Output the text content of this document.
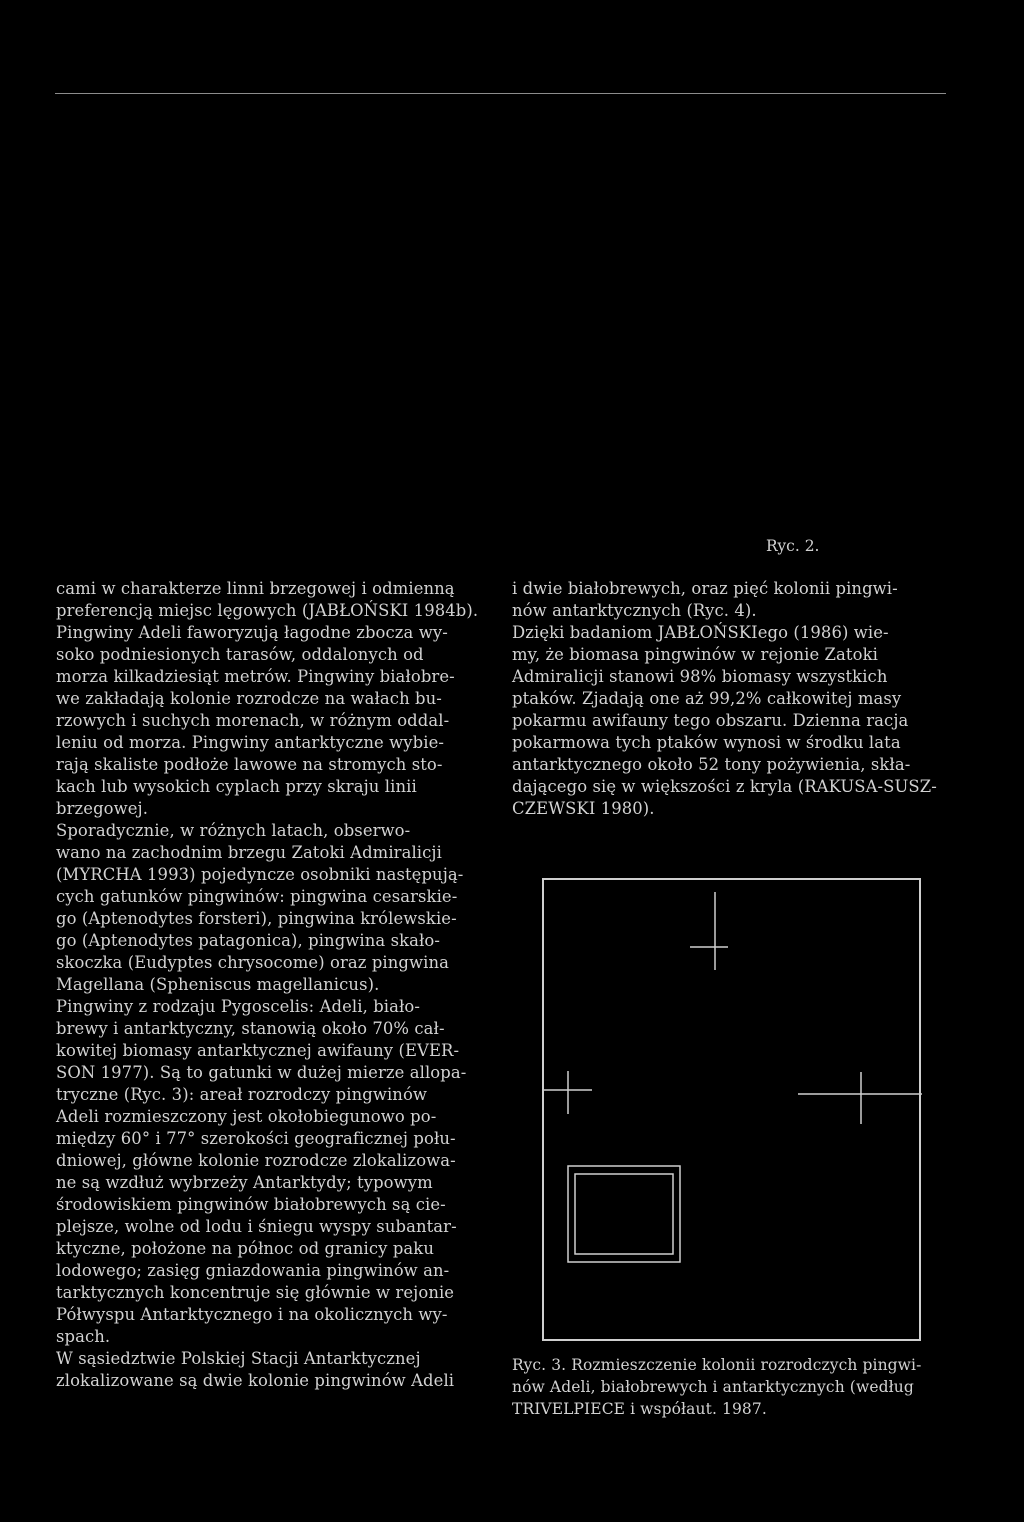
Ryc. 2.
cami w charakterze linni brzegowej i odmienną
preferencją miejsc lęgowych (JABŁOŃSKI 1984b).
Pingwiny Adeli faworyzują łagodne zbocza wy-
soko podniesionych tarasów, oddalonych od
morza kilkadziesiąt metrów. Pingwiny białobre-
we zakładają kolonie rozrodcze na wałach bu-
rzowych i suchych morenach, w różnym oddal-
leniu od morza. Pingwiny antarktyczne wybie-
rają skaliste podłoże lawowe na stromych sto-
kach lub wysokich cyplach przy skraju linii
brzegowej.
Sporadycznie, w różnych latach, obserwo-
wano na zachodnim brzegu Zatoki Admiralicji
(MYRCHA 1993) pojedyncze osobniki następują-
cych gatunków pingwinów: pingwina cesarskie-
go (Aptenodytes forsteri), pingwina królewskie-
go (Aptenodytes patagonica), pingwina skało-
skoczka (Eudyptes chrysocome) oraz pingwina
Magellana (Spheniscus magellanicus).
Pingwiny z rodzaju Pygoscelis: Adeli, biało-
brewy i antarktyczny, stanowią około 70% cał-
kowitej biomasy antarktycznej awifauny (EVER-
SON 1977). Są to gatunki w dużej mierze allopa-
tryczne (Ryc. 3): areał rozrodczy pingwinów
Adeli rozmieszczony jest okołobiegunowo po-
między 60° i 77° szerokości geograficznej połu-
dniowej, główne kolonie rozrodcze zlokalizowa-
ne są wzdłuż wybrzeży Antarktydy; typowym
środowiskiem pingwinów białobrewych są cie-
plejsze, wolne od lodu i śniegu wyspy subantar-
ktyczne, położone na północ od granicy paku
lodowego; zasięg gniazdowania pingwinów an-
tarktycznych koncentruje się głównie w rejonie
Półwyspu Antarktycznego i na okolicznych wy-
spach.
W sąsiedztwie Polskiej Stacji Antarktycznej
zlokalizowane są dwie kolonie pingwinów Adeli
i dwie białobrewych, oraz pięć kolonii pingwi-
nów antarktycznych (Ryc. 4).
Dzięki badaniom JABŁOŃSKIego (1986) wie-
my, że biomasa pingwinów w rejonie Zatoki
Admiralicji stanowi 98% biomasy wszystkich
ptaków. Zjadają one aż 99,2% całkowitej masy
pokarmu awifauny tego obszaru. Dzienna racja
pokarmowa tych ptaków wynosi w środku lata
antarktycznego około 52 tony pożywienia, skła-
dającego się w większości z kryla (RAKUSA-SUSZ-
CZEWSKI 1980).
Ryc. 3. Rozmieszczenie kolonii rozrodczych pingwi-
nów Adeli, białobrewych i antarktycznych (według
TRIVELPIECE i współaut. 1987.
